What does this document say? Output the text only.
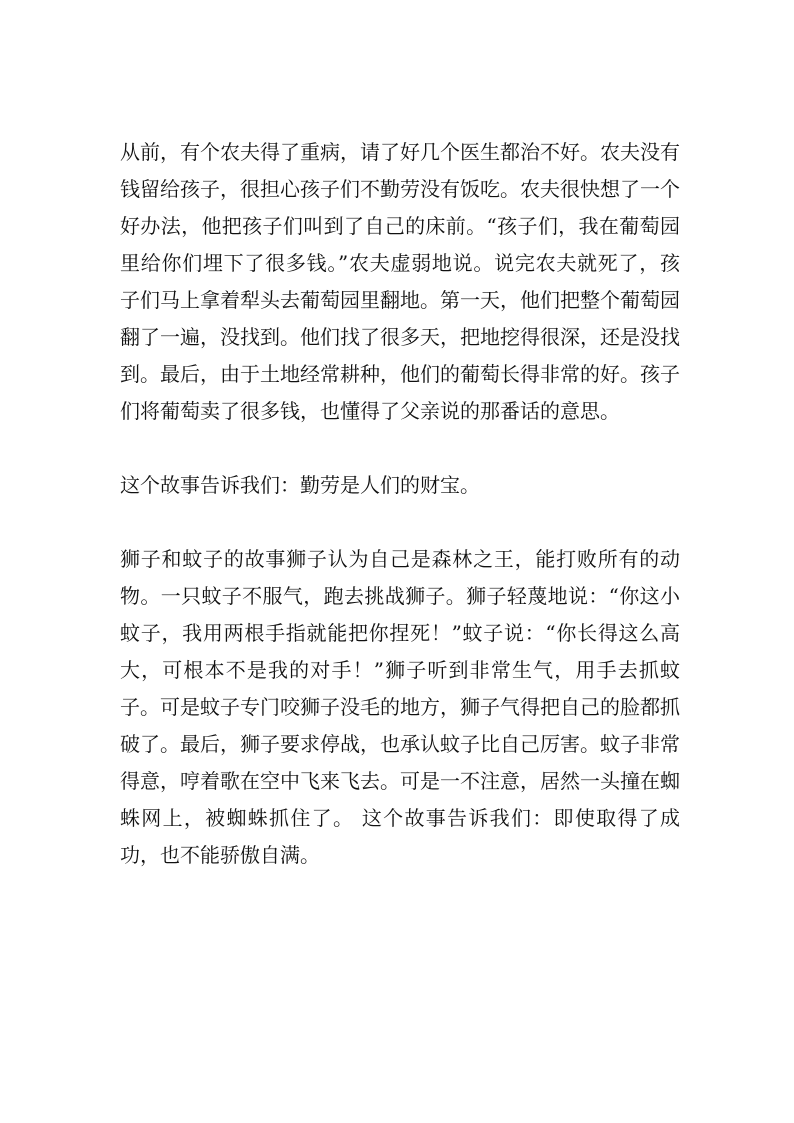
从前，有个农夫得了重病，请了好几个医生都治不好。农夫没有钱留给孩子，很担心孩子们不勤劳没有饭吃。农夫很快想了一个好办法，他把孩子们叫到了自己的床前。“孩子们，我在葡萄园里给你们埋下了很多钱。”农夫虚弱地说。说完农夫就死了，孩子们马上拿着犁头去葡萄园里翻地。第一天，他们把整个葡萄园翻了一遍，没找到。他们找了很多天，把地挖得很深，还是没找到。最后，由于土地经常耕种，他们的葡萄长得非常的好。孩子们将葡萄卖了很多钱，也懂得了父亲说的那番话的意思。

这个故事告诉我们：勤劳是人们的财宝。

狮子和蚊子的故事狮子认为自己是森林之王，能打败所有的动物。一只蚊子不服气，跑去挑战狮子。狮子轻蔑地说：“你这小蚊子，我用两根手指就能把你捏死！”蚊子说：“你长得这么高大，可根本不是我的对手！”狮子听到非常生气，用手去抓蚊子。可是蚊子专门咬狮子没毛的地方，狮子气得把自己的脸都抓破了。最后，狮子要求停战，也承认蚊子比自己厉害。蚊子非常得意，哼着歌在空中飞来飞去。可是一不注意，居然一头撞在蜘蛛网上，被蜘蛛抓住了。 这个故事告诉我们：即使取得了成功，也不能骄傲自满。
